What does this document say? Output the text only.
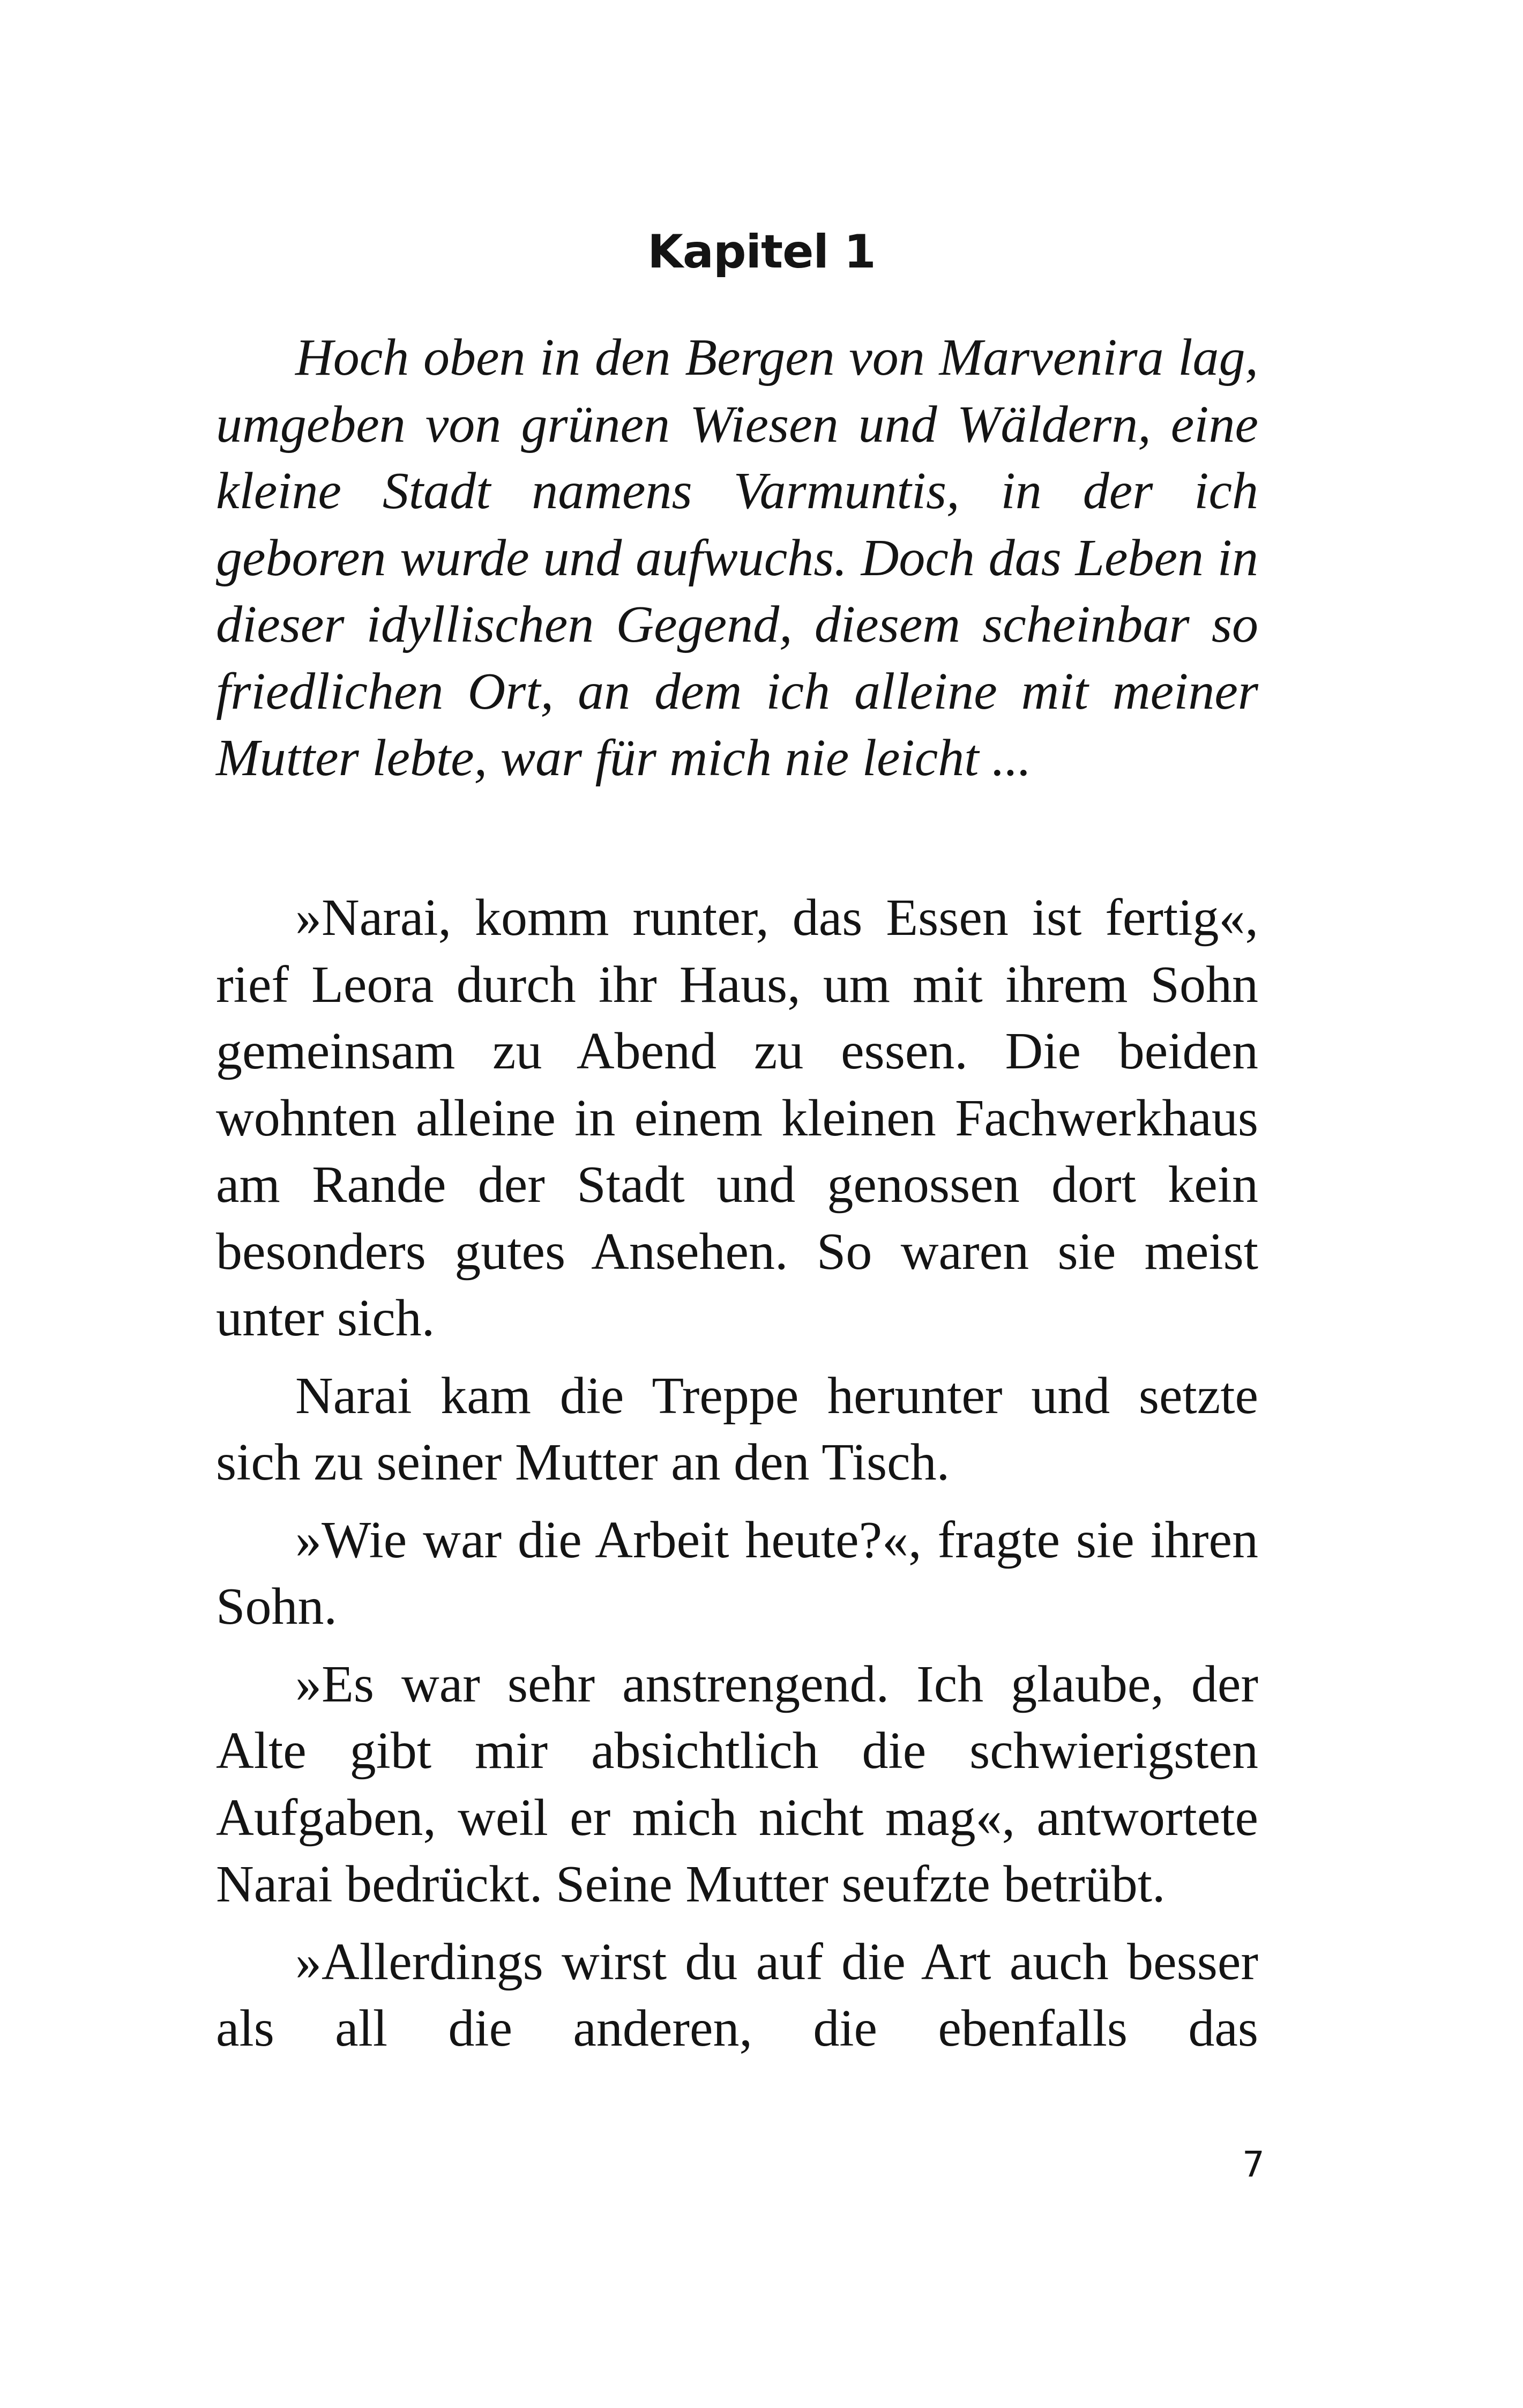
Kapitel 1

Hoch oben in den Bergen von Marvenira lag, umgeben von grünen Wiesen und Wäldern, eine kleine Stadt namens Varmuntis, in der ich geboren wurde und aufwuchs. Doch das Leben in dieser idyllischen Gegend, diesem scheinbar so friedlichen Ort, an dem ich alleine mit meiner Mutter lebte, war für mich nie leicht ...

»Narai, komm runter, das Essen ist fertig«, rief Leora durch ihr Haus, um mit ihrem Sohn gemeinsam zu Abend zu essen. Die beiden wohnten alleine in einem kleinen Fachwerkhaus am Rande der Stadt und genossen dort kein besonders gutes Ansehen. So waren sie meist unter sich.

Narai kam die Treppe herunter und setzte sich zu seiner Mutter an den Tisch.

»Wie war die Arbeit heute?«, fragte sie ihren Sohn.

»Es war sehr anstrengend. Ich glaube, der Alte gibt mir absichtlich die schwierigsten Aufgaben, weil er mich nicht mag«, antwortete Narai bedrückt. Seine Mutter seufzte betrübt.

»Allerdings wirst du auf die Art auch besser als all die anderen, die ebenfalls das

7
